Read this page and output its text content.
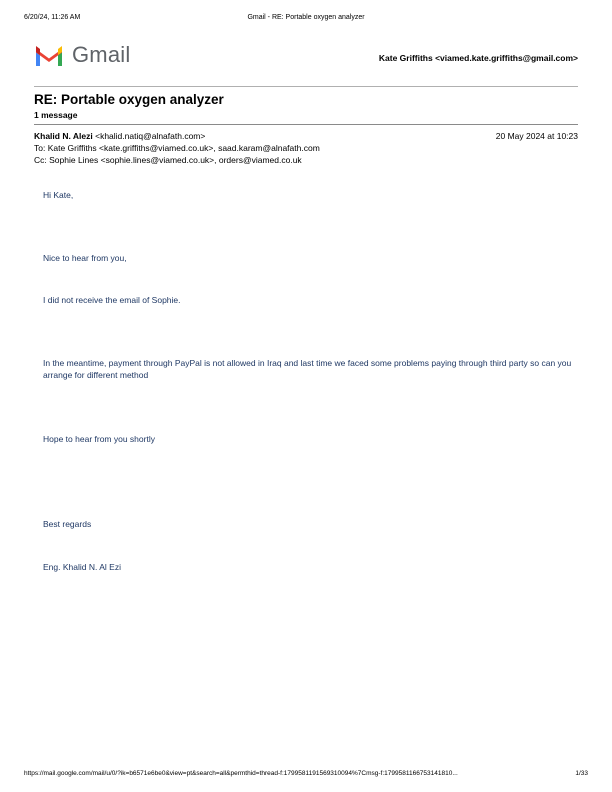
6/20/24, 11:26 AM	Gmail - RE: Portable oxygen analyzer
Gmail	Kate Griffiths <viamed.kate.griffiths@gmail.com>
RE: Portable oxygen analyzer
1 message
Khalid N. Alezi <khalid.natiq@alnafath.com>	20 May 2024 at 10:23
To: Kate Griffiths <kate.griffiths@viamed.co.uk>, saad.karam@alnafath.com
Cc: Sophie Lines <sophie.lines@viamed.co.uk>, orders@viamed.co.uk
Hi Kate,
Nice to hear from you,
I did not receive the email of Sophie.
In the meantime, payment through PayPal is not allowed in Iraq and last time we faced some problems paying through third party so can you arrange for different method
Hope to hear from you shortly
Best regards
Eng. Khalid N. Al Ezi
https://mail.google.com/mail/u/0/?ik=b6571e6be0&view=pt&search=all&permthid=thread-f:1799581191569310094%7Cmsg-f:1799581166753141810...	1/33
